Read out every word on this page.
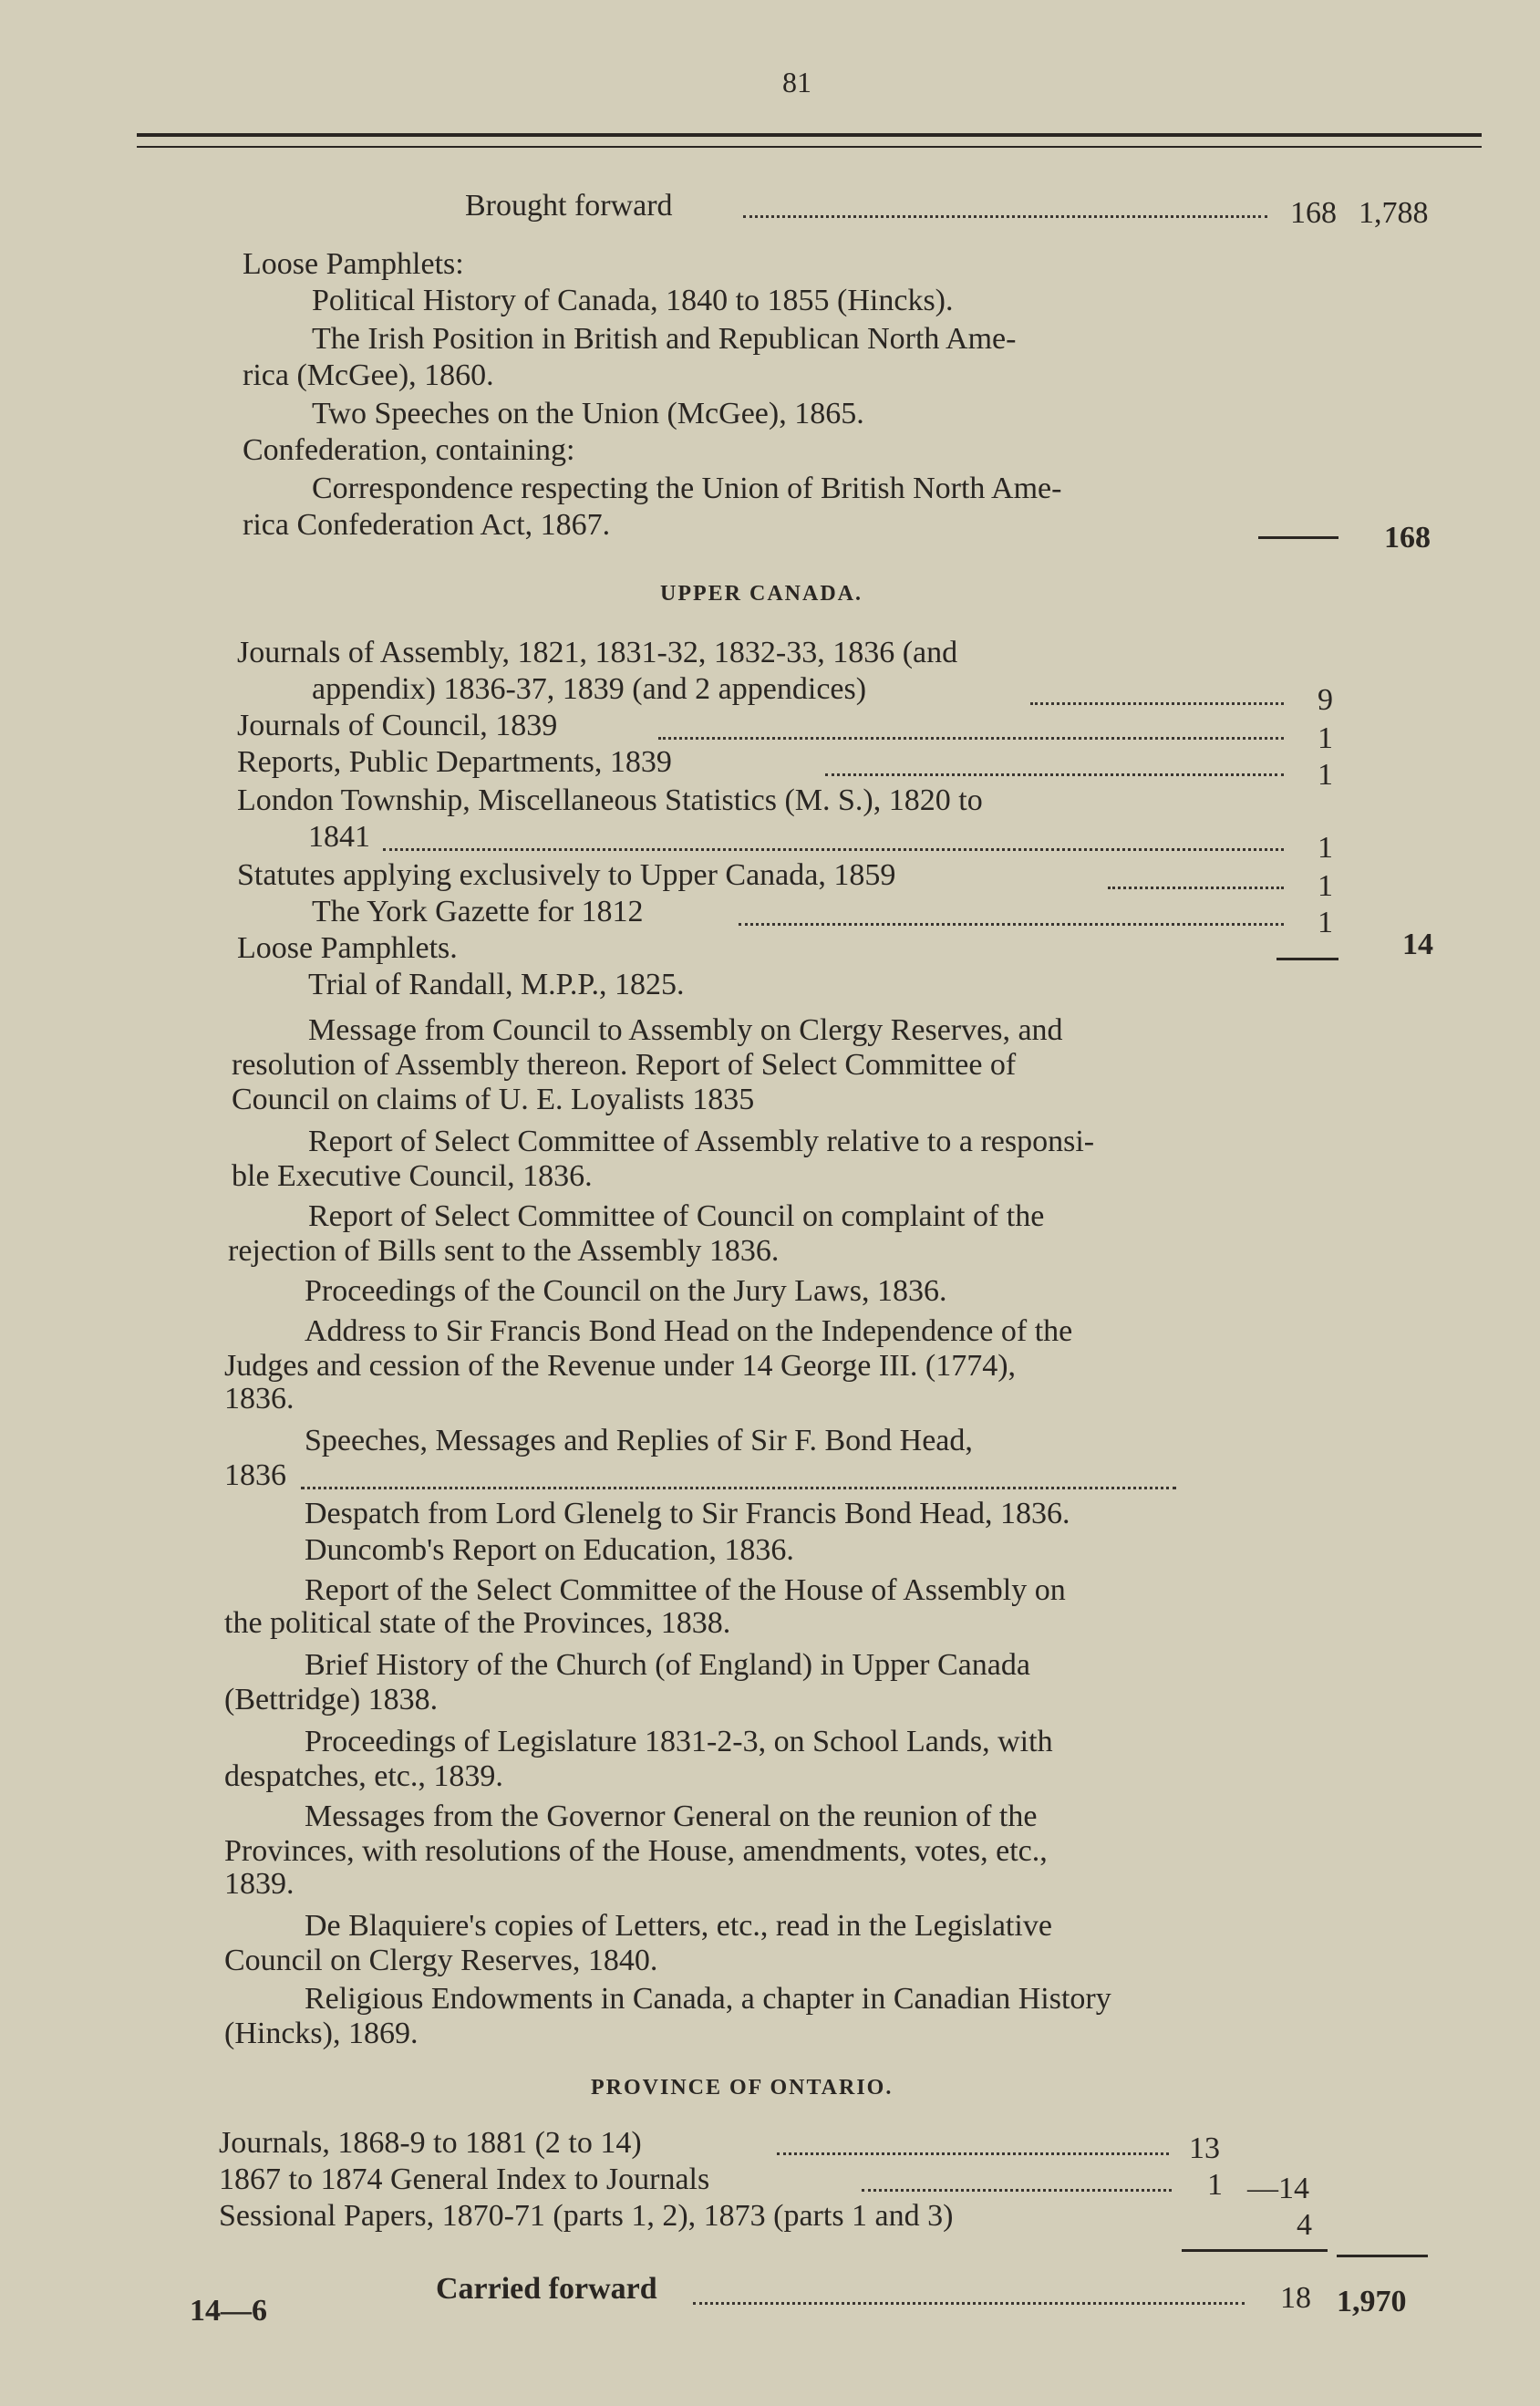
81
Brought forward	168 1,788
Loose Pamphlets:
Political History of Canada, 1840 to 1855 (Hincks).
The Irish Position in British and Republican North Ame-
rica (McGee), 1860.
Two Speeches on the Union (McGee), 1865.
Confederation, containing:
Correspondence respecting the Union of British North Ame-
rica Confederation Act, 1867.	168
UPPER CANADA.
Journals of Assembly, 1821, 1831-32, 1832-33, 1836 (and
appendix) 1836-37, 1839 (and 2 appendices)	9
Journals of Council, 1839	1
Reports, Public Departments, 1839	1
London Township, Miscellaneous Statistics (M. S.), 1820 to
1841	1
Statutes applying exclusively to Upper Canada, 1859	1
The York Gazette for 1812	1
Loose Pamphlets.	14
Trial of Randall, M.P.P., 1825.
Message from Council to Assembly on Clergy Reserves, and
resolution of Assembly thereon. Report of Select Committee of
Council on claims of U. E. Loyalists 1835
Report of Select Committee of Assembly relative to a responsi-
ble Executive Council, 1836.
Report of Select Committee of Council on complaint of the
rejection of Bills sent to the Assembly 1836.
Proceedings of the Council on the Jury Laws, 1836.
Address to Sir Francis Bond Head on the Independence of the
Judges and cession of the Revenue under 14 George III. (1774),
1836.
Speeches, Messages and Replies of Sir F. Bond Head,
1836
Despatch from Lord Glenelg to Sir Francis Bond Head, 1836.
Duncomb's Report on Education, 1836.
Report of the Select Committee of the House of Assembly on
the political state of the Provinces, 1838.
Brief History of the Church (of England) in Upper Canada
(Bettridge) 1838.
Proceedings of Legislature 1831-2-3, on School Lands, with
despatches, etc., 1839.
Messages from the Governor General on the reunion of the
Provinces, with resolutions of the House, amendments, votes, etc.,
1839.
De Blaquiere's copies of Letters, etc., read in the Legislative
Council on Clergy Reserves, 1840.
Religious Endowments in Canada, a chapter in Canadian History
(Hincks), 1869.
PROVINCE OF ONTARIO.
Journals, 1868-9 to 1881 (2 to 14)	13
1867 to 1874 General Index to Journals	1 —14
Sessional Papers, 1870-71 (parts 1, 2), 1873 (parts 1 and 3)	4
Carried forward	18 1,970
14—6
